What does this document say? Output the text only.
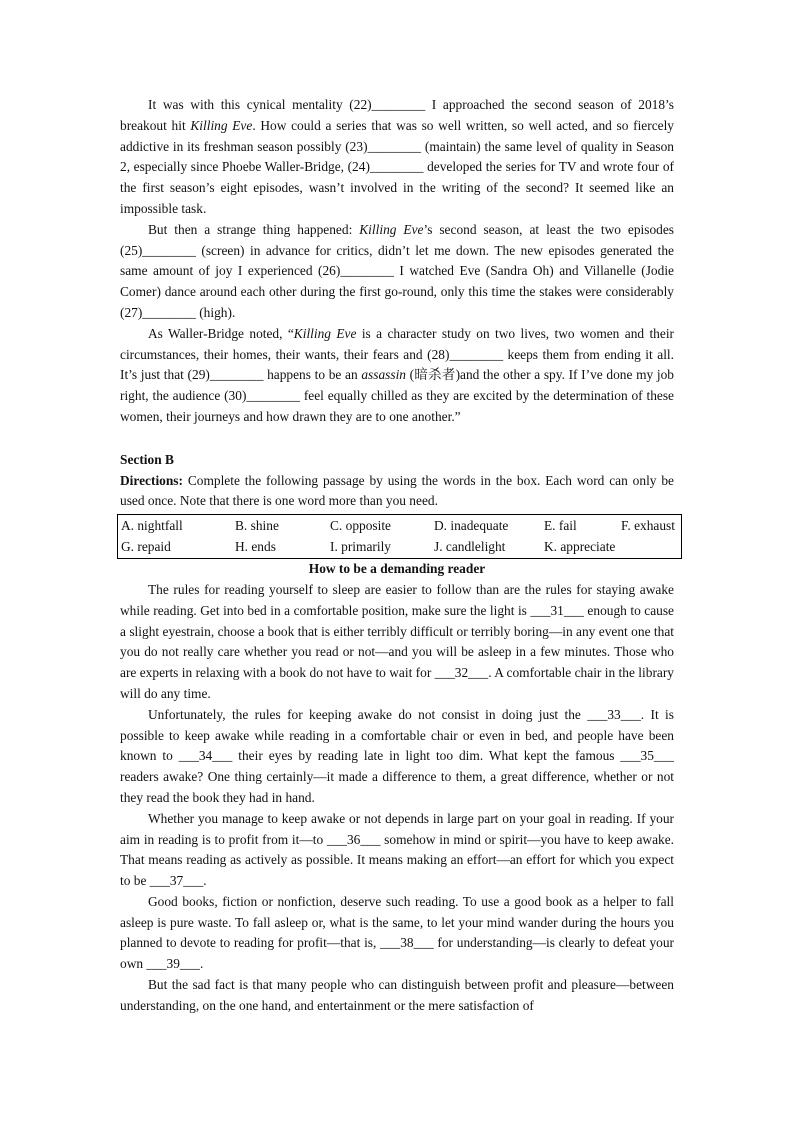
It was with this cynical mentality (22)________ I approached the second season of 2018’s breakout hit Killing Eve. How could a series that was so well written, so well acted, and so fiercely addictive in its freshman season possibly (23)________ (maintain) the same level of quality in Season 2, especially since Phoebe Waller-Bridge, (24)________ developed the series for TV and wrote four of the first season’s eight episodes, wasn’t involved in the writing of the second? It seemed like an impossible task.

But then a strange thing happened: Killing Eve’s second season, at least the two episodes (25)________ (screen) in advance for critics, didn’t let me down. The new episodes generated the same amount of joy I experienced (26)________ I watched Eve (Sandra Oh) and Villanelle (Jodie Comer) dance around each other during the first go-round, only this time the stakes were considerably (27)________ (high).

As Waller-Bridge noted, “Killing Eve is a character study on two lives, two women and their circumstances, their homes, their wants, their fears and (28)________ keeps them from ending it all. It’s just that (29)________ happens to be an assassin (暗杀者)and the other a spy. If I’ve done my job right, the audience (30)________ feel equally chilled as they are excited by the determination of these women, their journeys and how drawn they are to one another.”

Section B

Directions: Complete the following passage by using the words in the box. Each word can only be used once. Note that there is one word more than you need.

A. nightfall	B. shine	C. opposite	D. inadequate	E. fail	F. exhaust
G. repaid	H. ends	I. primarily	J. candlelight	K. appreciate

How to be a demanding reader

The rules for reading yourself to sleep are easier to follow than are the rules for staying awake while reading. Get into bed in a comfortable position, make sure the light is ___31___ enough to cause a slight eyestrain, choose a book that is either terribly difficult or terribly boring—in any event one that you do not really care whether you read or not—and you will be asleep in a few minutes. Those who are experts in relaxing with a book do not have to wait for ___32___. A comfortable chair in the library will do any time.

Unfortunately, the rules for keeping awake do not consist in doing just the ___33___. It is possible to keep awake while reading in a comfortable chair or even in bed, and people have been known to ___34___ their eyes by reading late in light too dim. What kept the famous ___35___ readers awake? One thing certainly—it made a difference to them, a great difference, whether or not they read the book they had in hand.

Whether you manage to keep awake or not depends in large part on your goal in reading. If your aim in reading is to profit from it—to ___36___ somehow in mind or spirit—you have to keep awake. That means reading as actively as possible. It means making an effort—an effort for which you expect to be ___37___.

Good books, fiction or nonfiction, deserve such reading. To use a good book as a helper to fall asleep is pure waste. To fall asleep or, what is the same, to let your mind wander during the hours you planned to devote to reading for profit—that is, ___38___ for understanding—is clearly to defeat your own ___39___.

But the sad fact is that many people who can distinguish between profit and pleasure—between understanding, on the one hand, and entertainment or the mere satisfaction of
